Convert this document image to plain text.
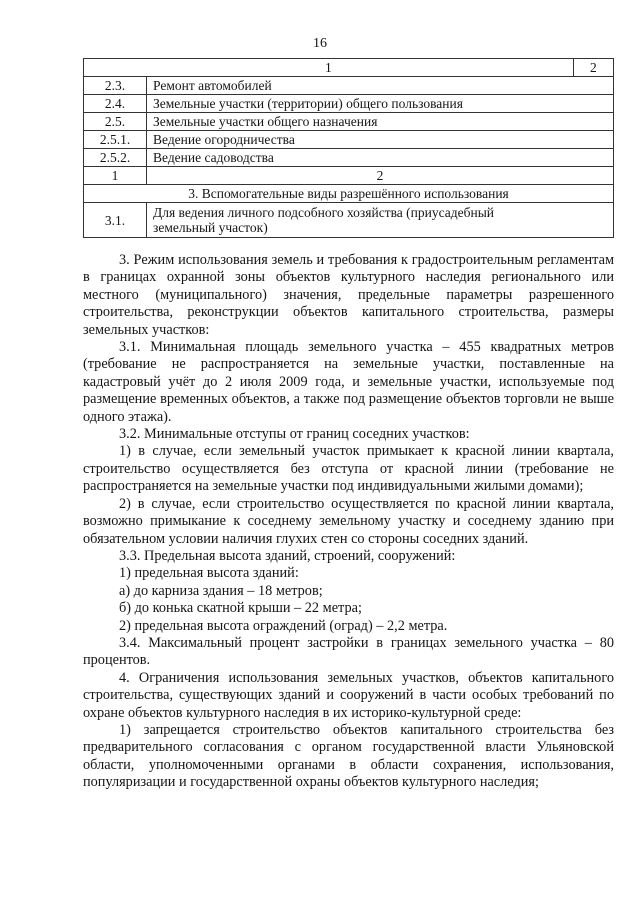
16
1		2
2.3.	Ремонт автомобилей	
2.4.	Земельные участки (территории) общего пользования	
2.5.	Земельные участки общего назначения	
2.5.1.	Ведение огородничества	
2.5.2.	Ведение садоводства	
1	2	
3. Вспомогательные виды разрешённого использования		
3.1.	Для ведения личного подсобного хозяйства (приусадебный
земельный участок)	

3. Режим использования земель и требования к градостроительным регламентам в границах охранной зоны объектов культурного наследия регионального или местного (муниципального) значения, предельные параметры разрешенного строительства, реконструкции объектов капитального строительства, размеры земельных участков:

3.1. Минимальная площадь земельного участка – 455 квадратных метров (требование не распространяется на земельные участки, поставленные на кадастровый учёт до 2 июля 2009 года, и земельные участки, используемые под размещение временных объектов, а также под размещение объектов торговли не выше одного этажа).

3.2. Минимальные отступы от границ соседних участков:

1) в случае, если земельный участок примыкает к красной линии квартала, строительство осуществляется без отступа от красной линии (требование не распространяется на земельные участки под индивидуальными жилыми домами);

2) в случае, если строительство осуществляется по красной линии квартала, возможно примыкание к соседнему земельному участку и соседнему зданию при обязательном условии наличия глухих стен со стороны соседних зданий.

3.3. Предельная высота зданий, строений, сооружений:

1) предельная высота зданий:

а) до карниза здания – 18 метров;

б) до конька скатной крыши – 22 метра;

2) предельная высота ограждений (оград) – 2,2 метра.

3.4. Максимальный процент застройки в границах земельного участка – 80 процентов.

4. Ограничения использования земельных участков, объектов капитального строительства, существующих зданий и сооружений в части особых требований по охране объектов культурного наследия в их историко-культурной среде:

1) запрещается строительство объектов капитального строительства без предварительного согласования с органом государственной власти Ульяновской области, уполномоченными органами в области сохранения, использования, популяризации и государственной охраны объектов культурного наследия;
